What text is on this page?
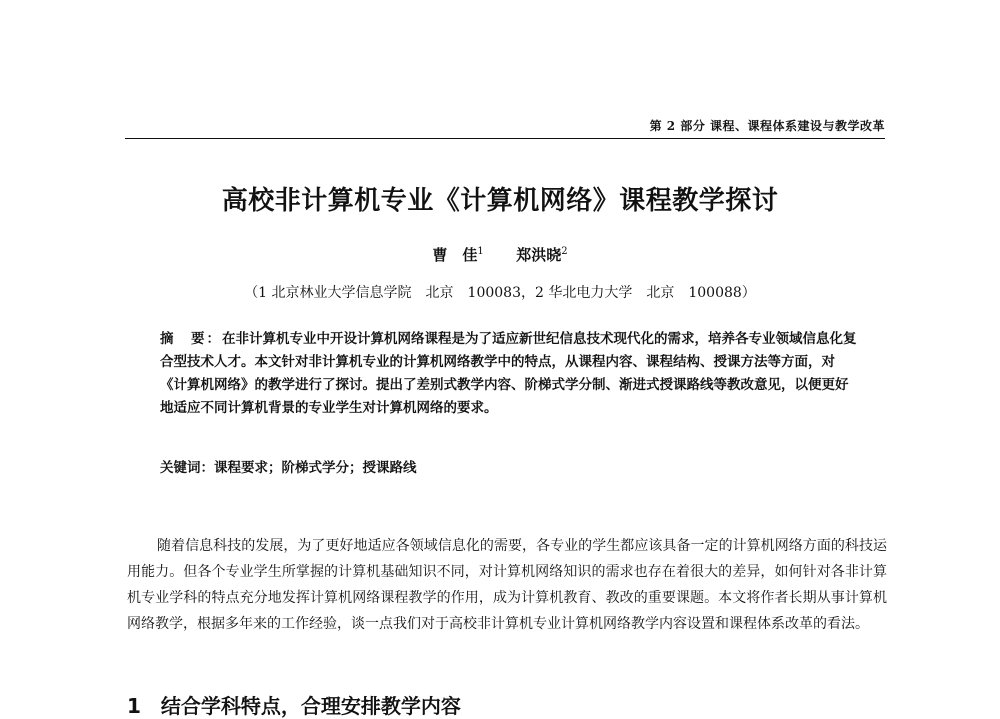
第 2 部分 课程、课程体系建设与教学改革
高校非计算机专业《计算机网络》课程教学探讨
曹　佳$^1$ 郑洪晓$^2$
（1 北京林业大学信息学院　北京　100083，2 华北电力大学　北京　100088）
摘　要：在非计算机专业中开设计算机网络课程是为了适应新世纪信息技术现代化的需求，培养各专业领域信息化复合型技术人才。本文针对非计算机专业的计算机网络教学中的特点，从课程内容、课程结构、授课方法等方面，对《计算机网络》的教学进行了探讨。提出了差别式教学内容、阶梯式学分制、渐进式授课路线等教改意见，以便更好地适应不同计算机背景的专业学生对计算机网络的要求。
关键词：课程要求；阶梯式学分；授课路线
随着信息科技的发展，为了更好地适应各领域信息化的需要，各专业的学生都应该具备一定的计算机网络方面的科技运用能力。但各个专业学生所掌握的计算机基础知识不同，对计算机网络知识的需求也存在着很大的差异，如何针对各非计算机专业学科的特点充分地发挥计算机网络课程教学的作用，成为计算机教育、教改的重要课题。本文将作者长期从事计算机网络教学，根据多年来的工作经验，谈一点我们对于高校非计算机专业计算机网络教学内容设置和课程体系改革的看法。
1　结合学科特点，合理安排教学内容
